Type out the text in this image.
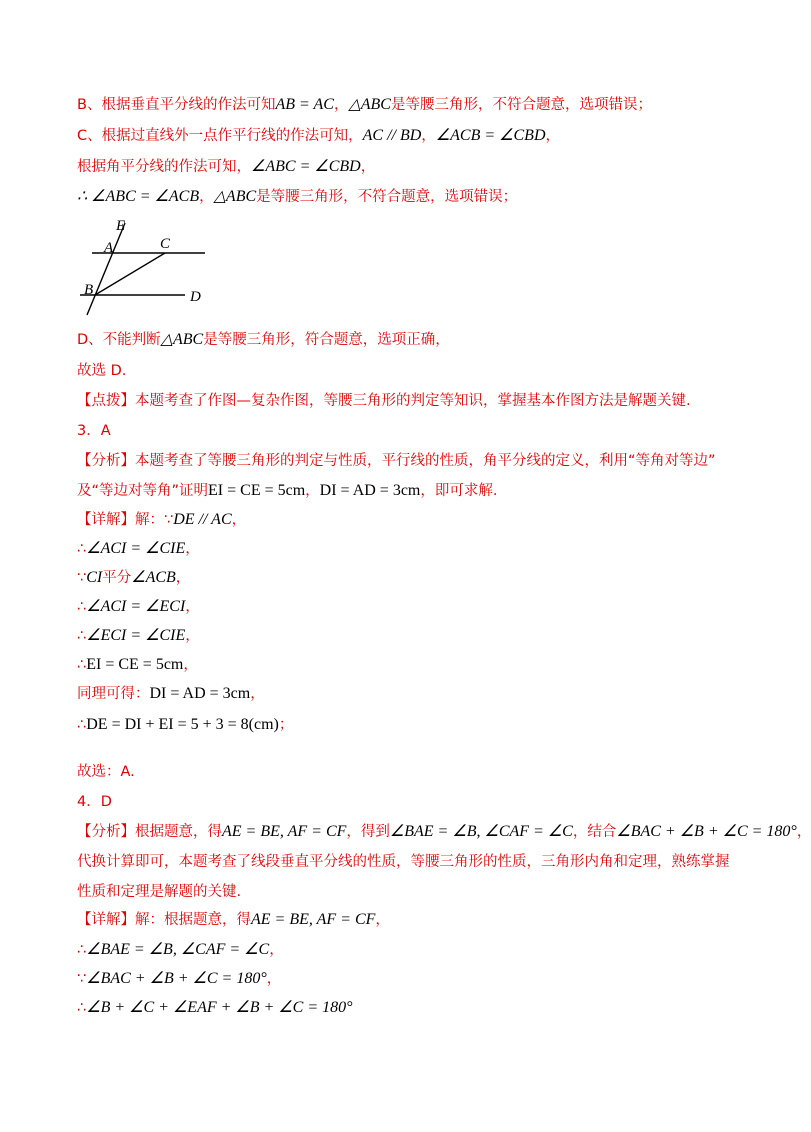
B、根据垂直平分线的作法可知AB = AC，△ABC是等腰三角形，不符合题意，选项错误；
C、根据过直线外一点作平行线的作法可知，AC // BD，∠ACB = ∠CBD，
根据角平分线的作法可知，∠ABC = ∠CBD，
∴ ∠ABC = ∠ACB，△ABC是等腰三角形，不符合题意，选项错误；
E
A	C
B	D
D、不能判断△ABC是等腰三角形，符合题意，选项正确，
故选 D.
【点拨】本题考查了作图—复杂作图，等腰三角形的判定等知识，掌握基本作图方法是解题关键.
3．A
【分析】本题考查了等腰三角形的判定与性质，平行线的性质，角平分线的定义，利用“等角对等边”
及“等边对等角”证明EI = CE = 5cm，DI = AD = 3cm，即可求解.
【详解】解：∵DE // AC，
∴∠ACI = ∠CIE，
∵CI平分∠ACB，
∴∠ACI = ∠ECI，
∴∠ECI = ∠CIE，
∴EI = CE = 5cm，
同理可得：DI = AD = 3cm，
∴DE = DI + EI = 5 + 3 = 8(cm)；
故选：A.
4．D
【分析】根据题意，得AE = BE, AF = CF，得到∠BAE = ∠B, ∠CAF = ∠C，结合∠BAC + ∠B + ∠C = 180°，
代换计算即可，本题考查了线段垂直平分线的性质，等腰三角形的性质，三角形内角和定理，熟练掌握
性质和定理是解题的关键.
【详解】解：根据题意，得AE = BE, AF = CF，
∴∠BAE = ∠B, ∠CAF = ∠C，
∵∠BAC + ∠B + ∠C = 180°，
∴∠B + ∠C + ∠EAF + ∠B + ∠C = 180°
